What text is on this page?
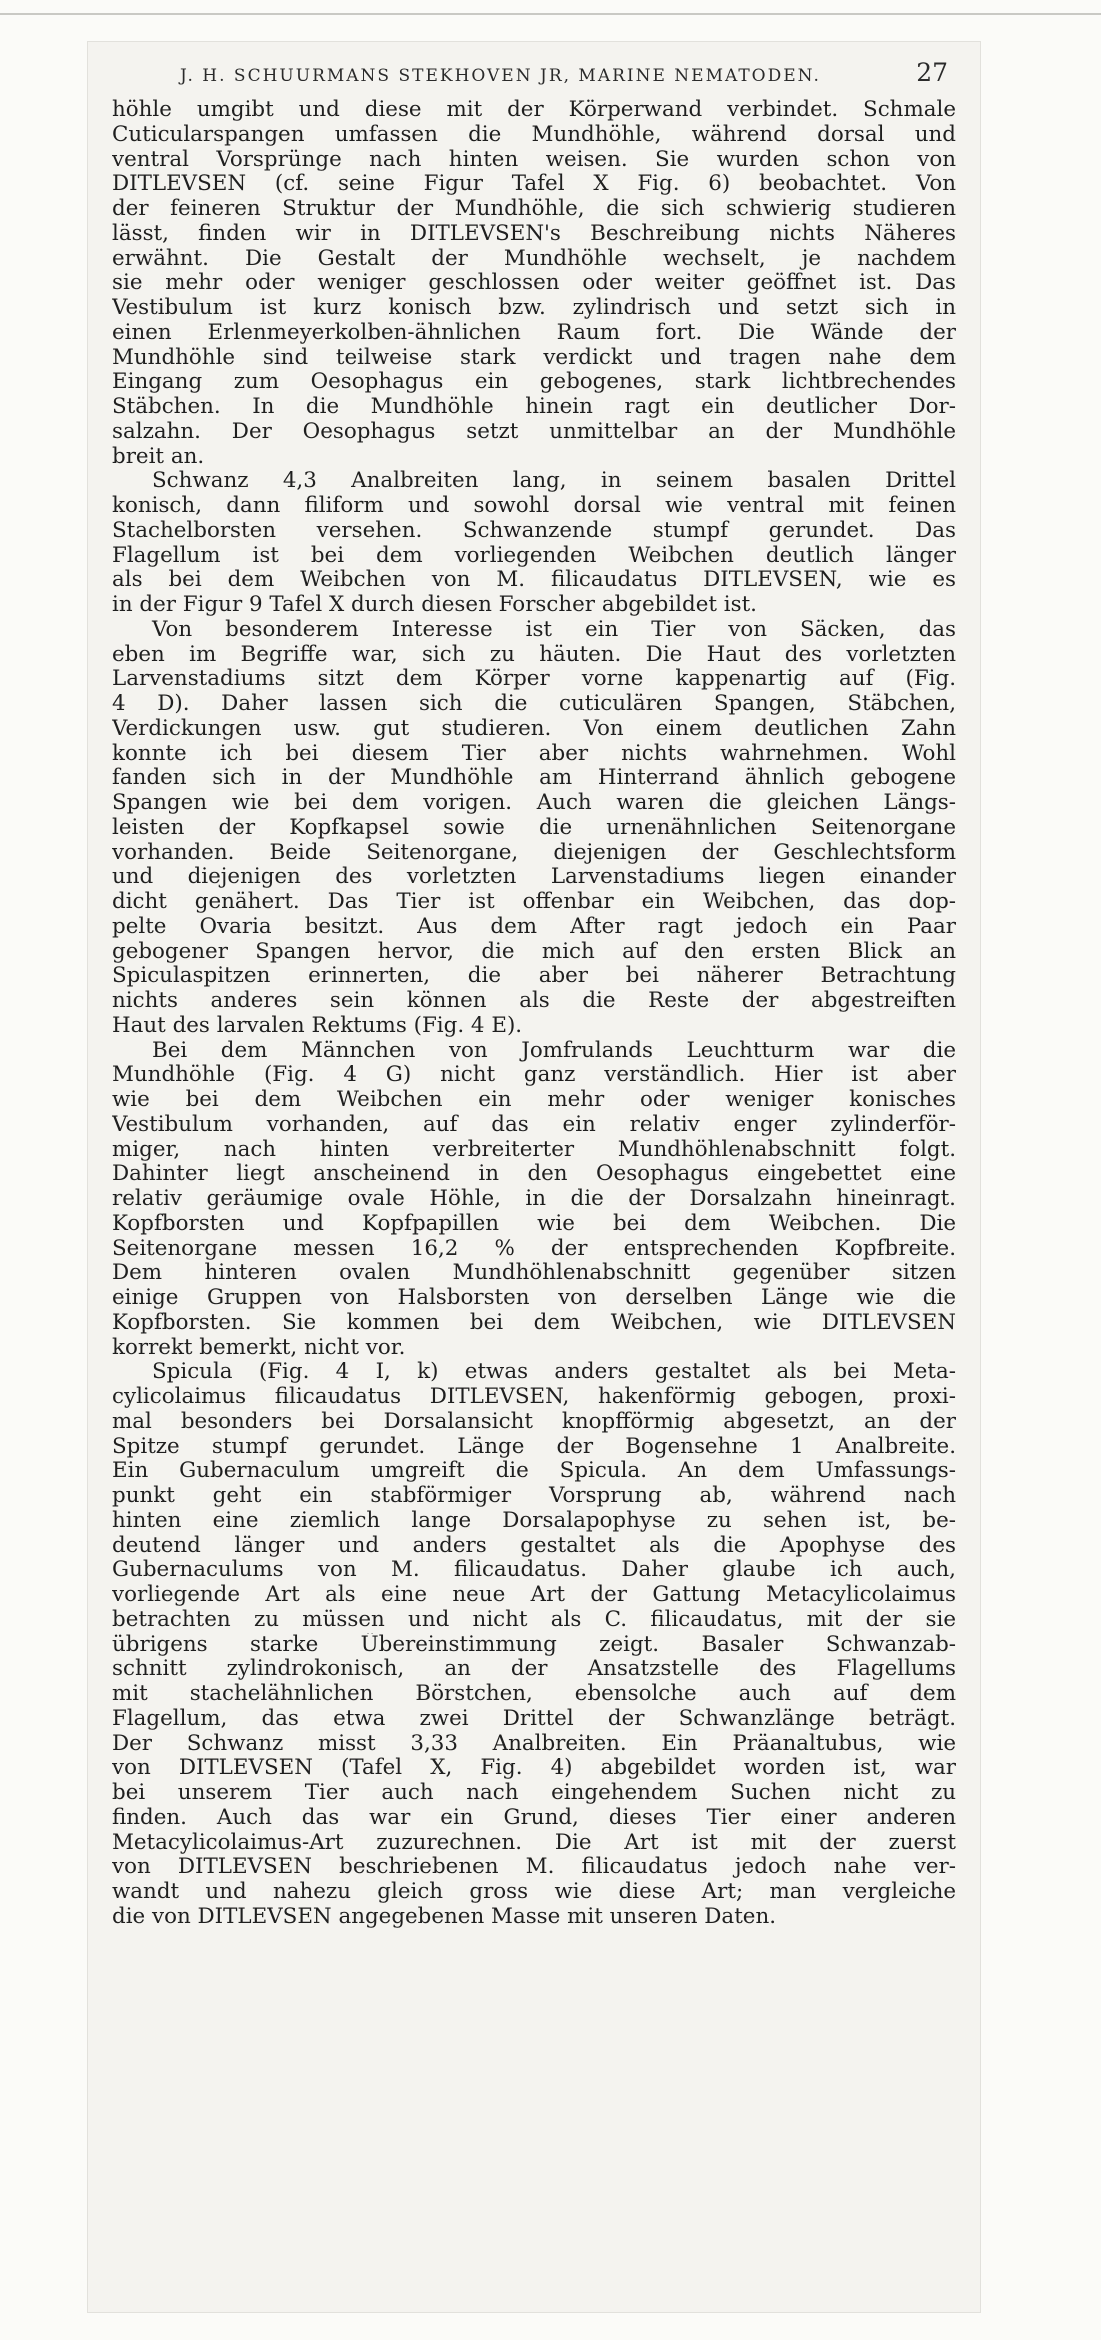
J. H. SCHUURMANS STEKHOVEN JR, MARINE NEMATODEN.	27
höhle umgibt und diese mit der Körperwand verbindet. Schmale
Cuticularspangen umfassen die Mundhöhle, während dorsal und
ventral Vorsprünge nach hinten weisen. Sie wurden schon von
DITLEVSEN (cf. seine Figur Tafel X Fig. 6) beobachtet. Von
der feineren Struktur der Mundhöhle, die sich schwierig studieren
lässt, finden wir in DITLEVSEN's Beschreibung nichts Näheres
erwähnt. Die Gestalt der Mundhöhle wechselt, je nachdem
sie mehr oder weniger geschlossen oder weiter geöffnet ist. Das
Vestibulum ist kurz konisch bzw. zylindrisch und setzt sich in
einen Erlenmeyerkolben-ähnlichen Raum fort. Die Wände der
Mundhöhle sind teilweise stark verdickt und tragen nahe dem
Eingang zum Oesophagus ein gebogenes, stark lichtbrechendes
Stäbchen. In die Mundhöhle hinein ragt ein deutlicher Dor-
salzahn. Der Oesophagus setzt unmittelbar an der Mundhöhle
breit an.
Schwanz 4,3 Analbreiten lang, in seinem basalen Drittel
konisch, dann filiform und sowohl dorsal wie ventral mit feinen
Stachelborsten versehen. Schwanzende stumpf gerundet. Das
Flagellum ist bei dem vorliegenden Weibchen deutlich länger
als bei dem Weibchen von M. filicaudatus DITLEVSEN, wie es
in der Figur 9 Tafel X durch diesen Forscher abgebildet ist.
Von besonderem Interesse ist ein Tier von Säcken, das
eben im Begriffe war, sich zu häuten. Die Haut des vorletzten
Larvenstadiums sitzt dem Körper vorne kappenartig auf (Fig.
4 D). Daher lassen sich die cuticulären Spangen, Stäbchen,
Verdickungen usw. gut studieren. Von einem deutlichen Zahn
konnte ich bei diesem Tier aber nichts wahrnehmen. Wohl
fanden sich in der Mundhöhle am Hinterrand ähnlich gebogene
Spangen wie bei dem vorigen. Auch waren die gleichen Längs-
leisten der Kopfkapsel sowie die urnenähnlichen Seitenorgane
vorhanden. Beide Seitenorgane, diejenigen der Geschlechtsform
und diejenigen des vorletzten Larvenstadiums liegen einander
dicht genähert. Das Tier ist offenbar ein Weibchen, das dop-
pelte Ovaria besitzt. Aus dem After ragt jedoch ein Paar
gebogener Spangen hervor, die mich auf den ersten Blick an
Spiculaspitzen erinnerten, die aber bei näherer Betrachtung
nichts anderes sein können als die Reste der abgestreiften
Haut des larvalen Rektums (Fig. 4 E).
Bei dem Männchen von Jomfrulands Leuchtturm war die
Mundhöhle (Fig. 4 G) nicht ganz verständlich. Hier ist aber
wie bei dem Weibchen ein mehr oder weniger konisches
Vestibulum vorhanden, auf das ein relativ enger zylinderför-
miger, nach hinten verbreiterter Mundhöhlenabschnitt folgt.
Dahinter liegt anscheinend in den Oesophagus eingebettet eine
relativ geräumige ovale Höhle, in die der Dorsalzahn hineinragt.
Kopfborsten und Kopfpapillen wie bei dem Weibchen. Die
Seitenorgane messen 16,2 % der entsprechenden Kopfbreite.
Dem hinteren ovalen Mundhöhlenabschnitt gegenüber sitzen
einige Gruppen von Halsborsten von derselben Länge wie die
Kopfborsten. Sie kommen bei dem Weibchen, wie DITLEVSEN
korrekt bemerkt, nicht vor.
Spicula (Fig. 4 I, k) etwas anders gestaltet als bei Meta-
cylicolaimus filicaudatus DITLEVSEN, hakenförmig gebogen, proxi-
mal besonders bei Dorsalansicht knopfförmig abgesetzt, an der
Spitze stumpf gerundet. Länge der Bogensehne 1 Analbreite.
Ein Gubernaculum umgreift die Spicula. An dem Umfassungs-
punkt geht ein stabförmiger Vorsprung ab, während nach
hinten eine ziemlich lange Dorsalapophyse zu sehen ist, be-
deutend länger und anders gestaltet als die Apophyse des
Gubernaculums von M. filicaudatus. Daher glaube ich auch,
vorliegende Art als eine neue Art der Gattung Metacylicolaimus
betrachten zu müssen und nicht als C. filicaudatus, mit der sie
übrigens starke Übereinstimmung zeigt. Basaler Schwanzab-
schnitt zylindrokonisch, an der Ansatzstelle des Flagellums
mit stachelähnlichen Börstchen, ebensolche auch auf dem
Flagellum, das etwa zwei Drittel der Schwanzlänge beträgt.
Der Schwanz misst 3,33 Analbreiten. Ein Präanaltubus, wie
von DITLEVSEN (Tafel X, Fig. 4) abgebildet worden ist, war
bei unserem Tier auch nach eingehendem Suchen nicht zu
finden. Auch das war ein Grund, dieses Tier einer anderen
Metacylicolaimus-Art zuzurechnen. Die Art ist mit der zuerst
von DITLEVSEN beschriebenen M. filicaudatus jedoch nahe ver-
wandt und nahezu gleich gross wie diese Art; man vergleiche
die von DITLEVSEN angegebenen Masse mit unseren Daten.
